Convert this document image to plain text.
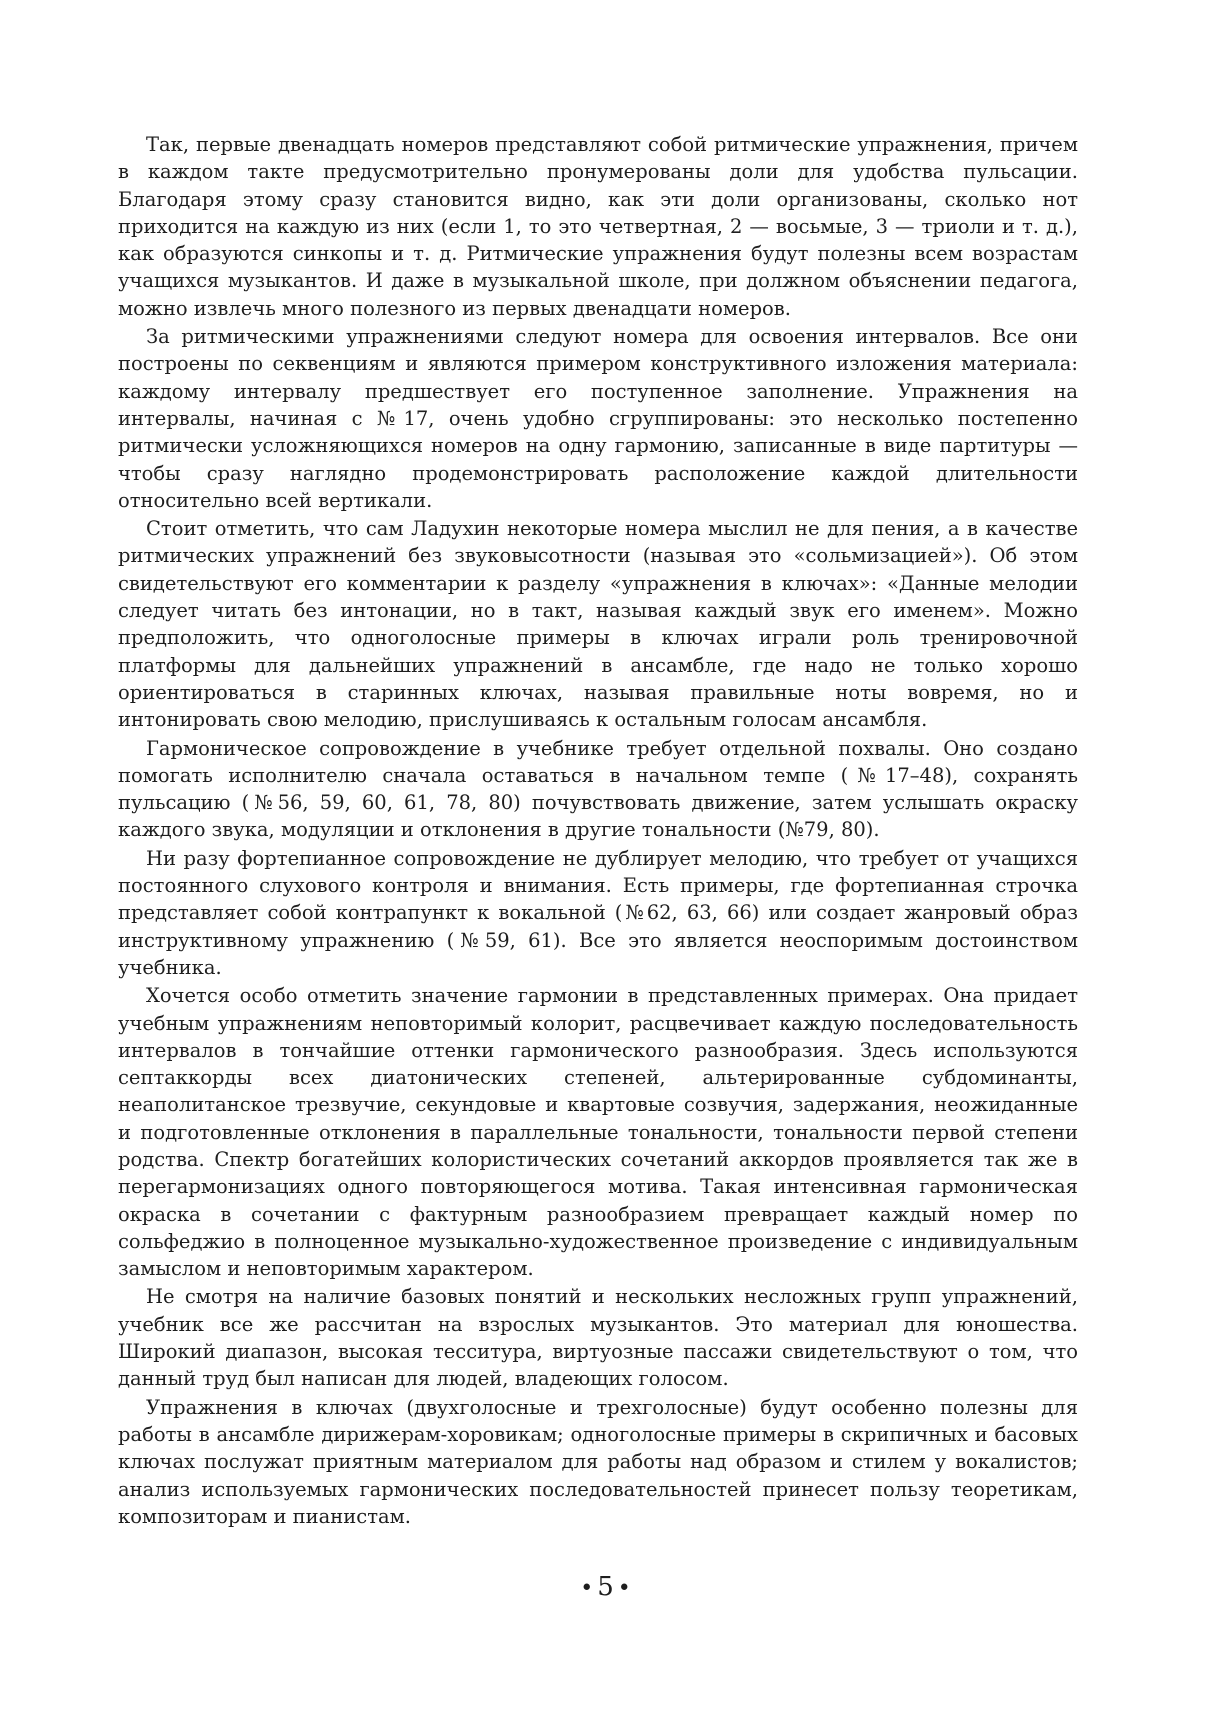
Так, первые двенадцать номеров представляют собой ритмические упражнения, причем в каждом такте предусмотрительно пронумерованы доли для удобства пульсации. Благодаря этому сразу становится видно, как эти доли организованы, сколько нот приходится на каждую из них (если 1, то это четвертная, 2 — восьмые, 3 — триоли и т. д.), как образуются синкопы и т. д. Ритмические упражнения будут полезны всем возрастам учащихся музыкантов. И даже в музыкальной школе, при должном объяснении педагога, можно извлечь много полезного из первых двенадцати номеров.

За ритмическими упражнениями следуют номера для освоения интервалов. Все они построены по секвенциям и являются примером конструктивного изложения материала: каждому интервалу предшествует его поступенное заполнение. Упражнения на интервалы, начиная с №17, очень удобно сгруппированы: это несколько постепенно ритмически усложняющихся номеров на одну гармонию, записанные в виде партитуры — чтобы сразу наглядно продемонстрировать расположение каждой длительности относительно всей вертикали.

Стоит отметить, что сам Ладухин некоторые номера мыслил не для пения, а в качестве ритмических упражнений без звуковысотности (называя это «сольмизацией»). Об этом свидетельствуют его комментарии к разделу «упражнения в ключах»: «Данные мелодии следует читать без интонации, но в такт, называя каждый звук его именем». Можно предположить, что одноголосные примеры в ключах играли роль тренировочной платформы для дальнейших упражнений в ансамбле, где надо не только хорошо ориентироваться в старинных ключах, называя правильные ноты вовремя, но и интонировать свою мелодию, прислушиваясь к остальным голосам ансамбля.

Гармоническое сопровождение в учебнике требует отдельной похвалы. Оно создано помогать исполнителю сначала оставаться в начальном темпе (№17–48), сохранять пульсацию (№56, 59, 60, 61, 78, 80) почувствовать движение, затем услышать окраску каждого звука, модуляции и отклонения в другие тональности (№79, 80).

Ни разу фортепианное сопровождение не дублирует мелодию, что требует от учащихся постоянного слухового контроля и внимания. Есть примеры, где фортепианная строчка представляет собой контрапункт к вокальной (№62, 63, 66) или создает жанровый образ инструктивному упражнению (№59, 61). Все это является неоспоримым достоинством учебника.

Хочется особо отметить значение гармонии в представленных примерах. Она придает учебным упражнениям неповторимый колорит, расцвечивает каждую последовательность интервалов в тончайшие оттенки гармонического разнообразия. Здесь используются септаккорды всех диатонических степеней, альтерированные субдоминанты, неаполитанское трезвучие, секундовые и квартовые созвучия, задержания, неожиданные и подготовленные отклонения в параллельные тональности, тональности первой степени родства. Спектр богатейших колористических сочетаний аккордов проявляется так же в перегармонизациях одного повторяющегося мотива. Такая интенсивная гармоническая окраска в сочетании с фактурным разнообразием превращает каждый номер по сольфеджио в полноценное музыкально-художественное произведение с индивидуальным замыслом и неповторимым характером.

Не смотря на наличие базовых понятий и нескольких несложных групп упражнений, учебник все же рассчитан на взрослых музыкантов. Это материал для юношества. Широкий диапазон, высокая тесситура, виртуозные пассажи свидетельствуют о том, что данный труд был написан для людей, владеющих голосом.

Упражнения в ключах (двухголосные и трехголосные) будут особенно полезны для работы в ансамбле дирижерам-хоровикам; одноголосные примеры в скрипичных и басовых ключах послужат приятным материалом для работы над образом и стилем у вокалистов; анализ используемых гармонических последовательностей принесет пользу теоретикам, композиторам и пианистам.

• 5 •
